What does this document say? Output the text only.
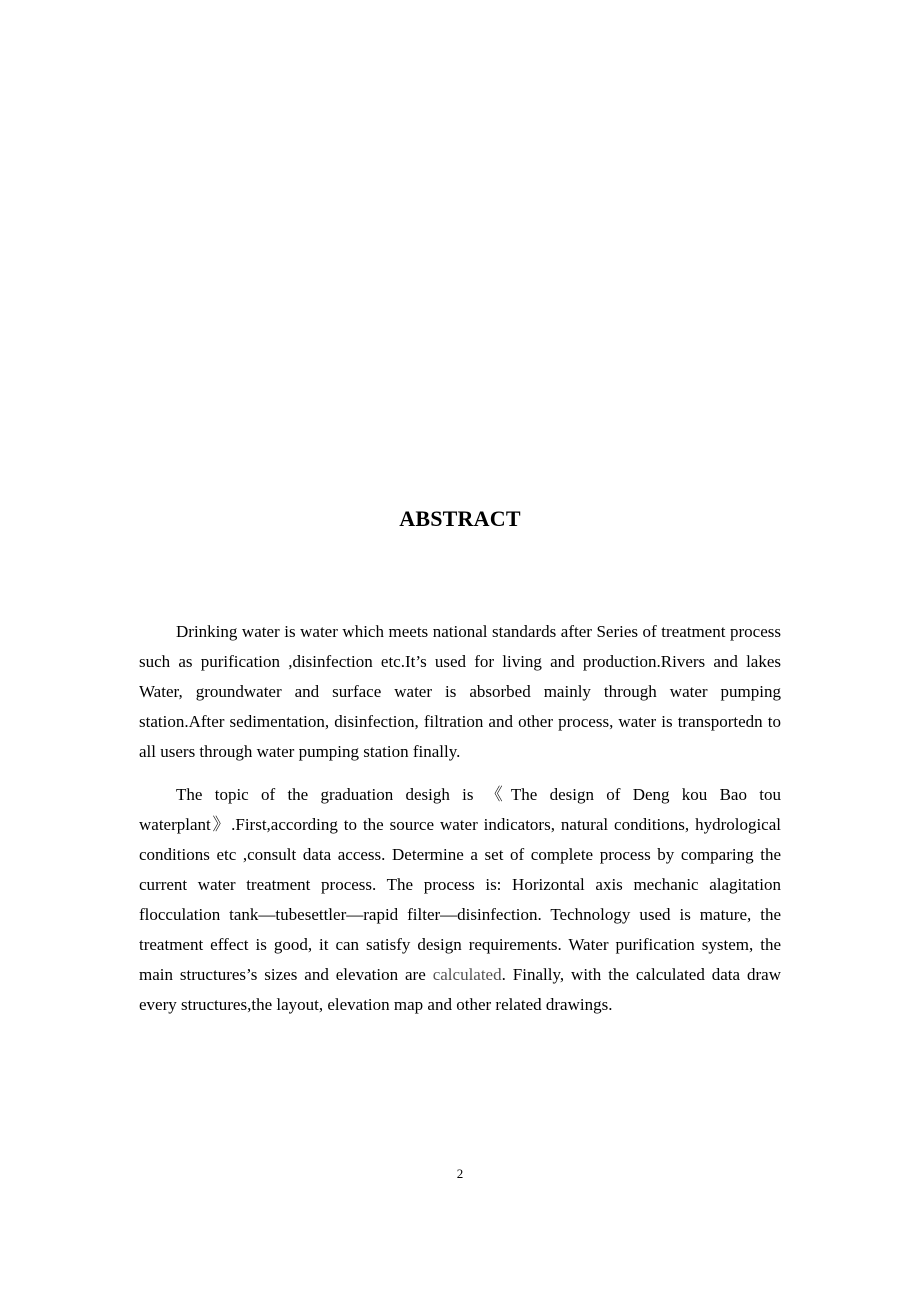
ABSTRACT

Drinking water is water which meets national standards after Series of treatment process such as purification ,disinfection etc.It’s used for living and production.Rivers and lakes Water, groundwater and surface water is absorbed mainly through water pumping station.After sedimentation, disinfection, filtration and other process, water is transportedn to all users through water pumping station finally.

The topic of the graduation desigh is 《The design of Deng kou Bao tou waterplant》.First,according to the source water indicators, natural conditions, hydrological conditions etc ,consult data access. Determine a set of complete process by comparing the current water treatment process. The process is: Horizontal axis mechanic alagitation flocculation tank—tubesettler—rapid filter—disinfection. Technology used is mature, the treatment effect is good, it can satisfy design requirements. Water purification system, the main structures’s sizes and elevation are calculated. Finally, with the calculated data draw every structures,the layout, elevation map and other related drawings.

2
